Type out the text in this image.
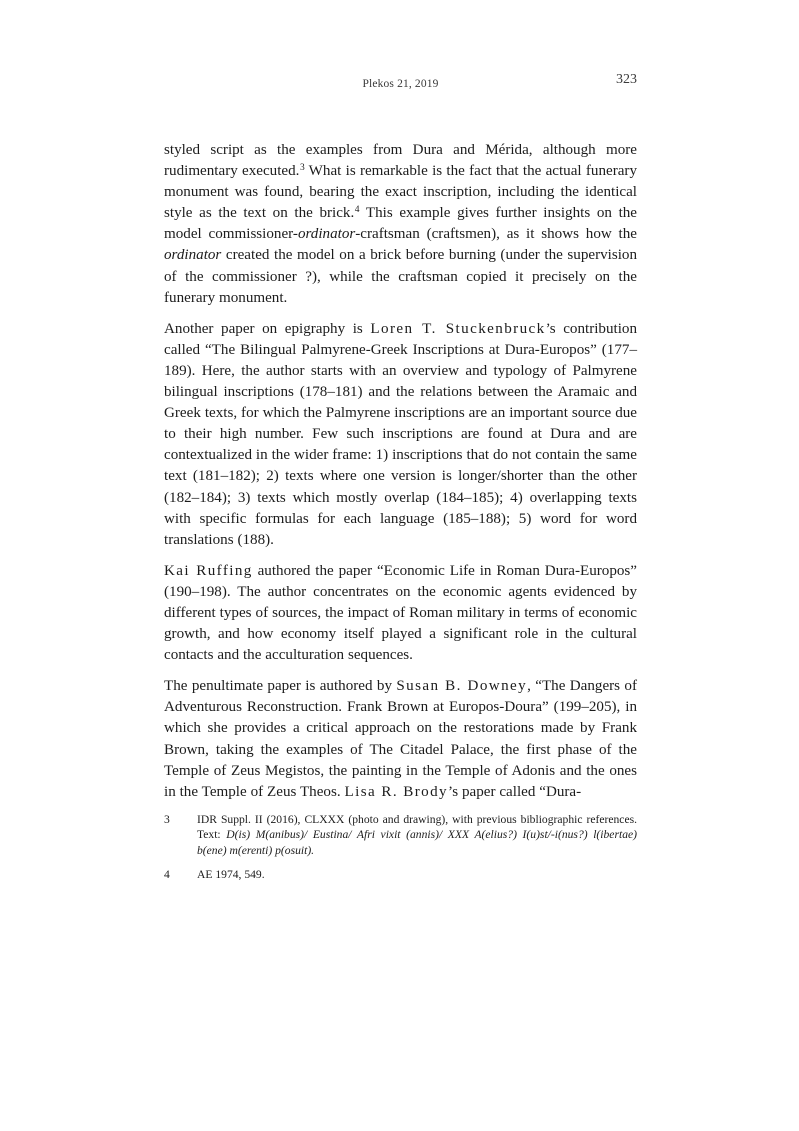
Plekos 21, 2019	323

styled script as the examples from Dura and Mérida, although more rudimentary executed.$^3$ What is remarkable is the fact that the actual funerary monument was found, bearing the exact inscription, including the identical style as the text on the brick.$^4$ This example gives further insights on the model commissioner-ordinator-craftsman (craftsmen), as it shows how the ordinator created the model on a brick before burning (under the supervision of the commissioner ?), while the craftsman copied it precisely on the funerary monument.

Another paper on epigraphy is Loren T. Stuckenbruck’s contribution called “The Bilingual Palmyrene-Greek Inscriptions at Dura-Europos” (177–189). Here, the author starts with an overview and typology of Palmyrene bilingual inscriptions (178–181) and the relations between the Aramaic and Greek texts, for which the Palmyrene inscriptions are an important source due to their high number. Few such inscriptions are found at Dura and are contextualized in the wider frame: 1) inscriptions that do not contain the same text (181–182); 2) texts where one version is longer/shorter than the other (182–184); 3) texts which mostly overlap (184–185); 4) overlapping texts with specific formulas for each language (185–188); 5) word for word translations (188).

Kai Ruffing authored the paper “Economic Life in Roman Dura-Europos” (190–198). The author concentrates on the economic agents evidenced by different types of sources, the impact of Roman military in terms of economic growth, and how economy itself played a significant role in the cultural contacts and the acculturation sequences.

The penultimate paper is authored by Susan B. Downey, “The Dangers of Adventurous Reconstruction. Frank Brown at Europos-Doura” (199–205), in which she provides a critical approach on the restorations made by Frank Brown, taking the examples of The Citadel Palace, the first phase of the Temple of Zeus Megistos, the painting in the Temple of Adonis and the ones in the Temple of Zeus Theos. Lisa R. Brody’s paper called “Dura-

3 IDR Suppl. II (2016), CLXXX (photo and drawing), with previous bibliographic references. Text: D(is) M(anibus)/ Eustina/ Afri vixit (annis)/ XXX A(elius?) I(u)st/-i(nus?) l(ibertae) b(ene) m(erenti) p(osuit).
4 AE 1974, 549.
